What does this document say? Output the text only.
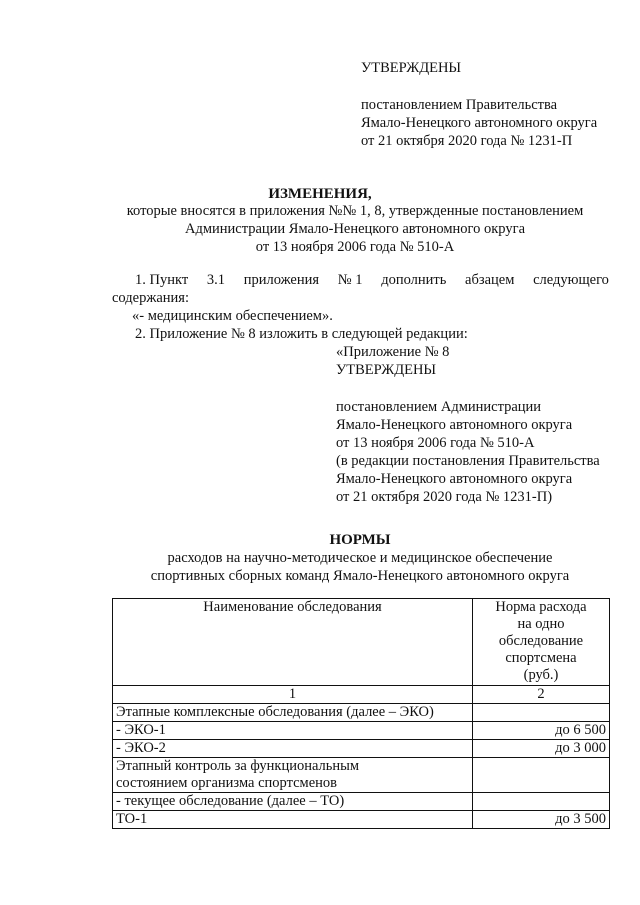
УТВЕРЖДЕНЫ
постановлением Правительства
Ямало-Ненецкого автономного округа
от 21 октября 2020 года № 1231-П
ИЗМЕНЕНИЯ,
которые вносятся в приложения №№ 1, 8, утвержденные постановлением
Администрации Ямало-Ненецкого автономного округа
от 13 ноября 2006 года № 510-А
1. Пункт 3.1 приложения № 1 дополнить абзацем следующего
содержания:
«- медицинским обеспечением».
2. Приложение № 8 изложить в следующей редакции:
«Приложение № 8
УТВЕРЖДЕНЫ
постановлением Администрации
Ямало-Ненецкого автономного округа
от 13 ноября 2006 года № 510-А
(в редакции постановления Правительства
Ямало-Ненецкого автономного округа
от 21 октября 2020 года № 1231-П)
НОРМЫ
расходов на научно-методическое и медицинское обеспечение
спортивных сборных команд Ямало-Ненецкого автономного округа
Наименование обследования	Норма расхода
на одно
обследование
спортсмена
(руб.)
1	2
Этапные комплексные обследования (далее – ЭКО)	
- ЭКО-1	до 6 500
- ЭКО-2	до 3 000
Этапный контроль за функциональным состоянием организма спортсменов	
- текущее обследование (далее – ТО)	
ТО-1	до 3 500
